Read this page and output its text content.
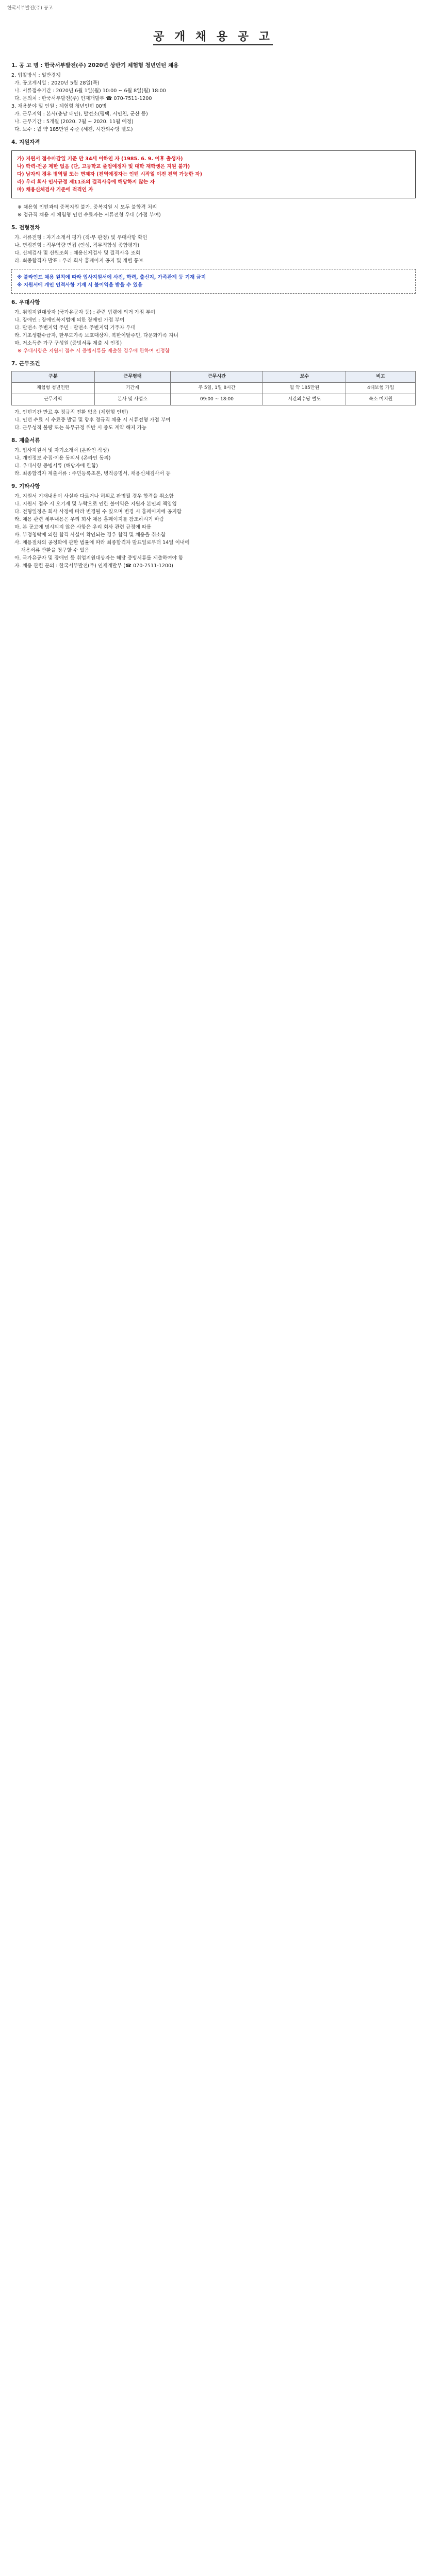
한국서부발전(주) 공고
공 개 채 용 공 고
1. 공 고 명 : 한국서부발전(주) 2020년 상반기 체험형 청년인턴 채용
2. 입찰방식 : 일반경쟁
가. 공고게시일 : 2020년 5월 28일(목)
나. 서류접수기간 : 2020년 6월 1일(월) 10:00 ~ 6월 8일(월) 18:00
다. 문의처 : 한국서부발전(주) 인재개발부 ☎ 070-7511-1200
3. 채용분야 및 인원 : 체험형 청년인턴 00명
가. 근무지역 : 본사(충남 태안), 발전소(평택, 서인천, 군산 등)
나. 근무기간 : 5개월 (2020. 7월 ~ 2020. 11월 예정)
다. 보수 : 월 약 185만원 수준 (세전, 시간외수당 별도)
4. 지원자격
가) 지원서 접수마감일 기준 만 34세 이하인 자 (1985. 6. 9. 이후 출생자)
나) 학력·전공 제한 없음 (단, 고등학교 졸업예정자 및 대학 재학생은 지원 불가)
다) 남자의 경우 병역필 또는 면제자 (전역예정자는 인턴 시작일 이전 전역 가능한 자)
라) 우리 회사 인사규정 제11조의 결격사유에 해당하지 않는 자
마) 채용신체검사 기준에 적격인 자
※ 채용형 인턴과의 중복지원 불가, 중복지원 시 모두 불합격 처리
※ 정규직 채용 시 체험형 인턴 수료자는 서류전형 우대 (가점 부여)
5. 전형절차
가. 서류전형 : 자기소개서 평가 (적·부 판정) 및 우대사항 확인
나. 면접전형 : 직무역량 면접 (인성, 직무적합성 종합평가)
다. 신체검사 및 신원조회 : 채용신체검사 및 결격사유 조회
라. 최종합격자 발표 : 우리 회사 홈페이지 공지 및 개별 통보
※ 블라인드 채용 원칙에 따라 입사지원서에 사진, 학력, 출신지, 가족관계 등 기재 금지
※ 지원서에 개인 인적사항 기재 시 불이익을 받을 수 있음
6. 우대사항
가. 취업지원대상자 (국가유공자 등) : 관련 법령에 의거 가점 부여
나. 장애인 : 장애인복지법에 의한 장애인 가점 부여
다. 발전소 주변지역 주민 : 발전소 주변지역 거주자 우대
라. 기초생활수급자, 한부모가족 보호대상자, 북한이탈주민, 다문화가족 자녀
마. 저소득층 가구 구성원 (증빙서류 제출 시 인정)
※ 우대사항은 지원서 접수 시 증빙서류를 제출한 경우에 한하여 인정함
7. 근무조건
구분	근무형태	근무시간	보수	비고
체험형 청년인턴	기간제	주 5일, 1일 8시간	월 약 185만원	4대보험 가입
근무지역	본사 및 사업소	09:00 ~ 18:00	시간외수당 별도	숙소 미지원
가. 인턴기간 만료 후 정규직 전환 없음 (체험형 인턴)
나. 인턴 수료 시 수료증 발급 및 향후 정규직 채용 시 서류전형 가점 부여
다. 근무성적 불량 또는 복무규정 위반 시 중도 계약 해지 가능
8. 제출서류
가. 입사지원서 및 자기소개서 (온라인 작성)
나. 개인정보 수집·이용 동의서 (온라인 동의)
다. 우대사항 증빙서류 (해당자에 한함)
라. 최종합격자 제출서류 : 주민등록초본, 병적증명서, 채용신체검사서 등
9. 기타사항
가. 지원서 기재내용이 사실과 다르거나 허위로 판명될 경우 합격을 취소함
나. 지원서 접수 시 오기재 및 누락으로 인한 불이익은 지원자 본인의 책임임
다. 전형일정은 회사 사정에 따라 변경될 수 있으며 변경 시 홈페이지에 공지함
라. 채용 관련 세부내용은 우리 회사 채용 홈페이지를 참조하시기 바람
마. 본 공고에 명시되지 않은 사항은 우리 회사 관련 규정에 따름
바. 부정청탁에 의한 합격 사실이 확인되는 경우 합격 및 채용을 취소함
사. 채용절차의 공정화에 관한 법률에 따라 최종합격자 발표일로부터 14일 이내에
채용서류 반환을 청구할 수 있음
아. 국가유공자 및 장애인 등 취업지원대상자는 해당 증빙서류를 제출하여야 함
자. 채용 관련 문의 : 한국서부발전(주) 인재개발부 (☎ 070-7511-1200)
